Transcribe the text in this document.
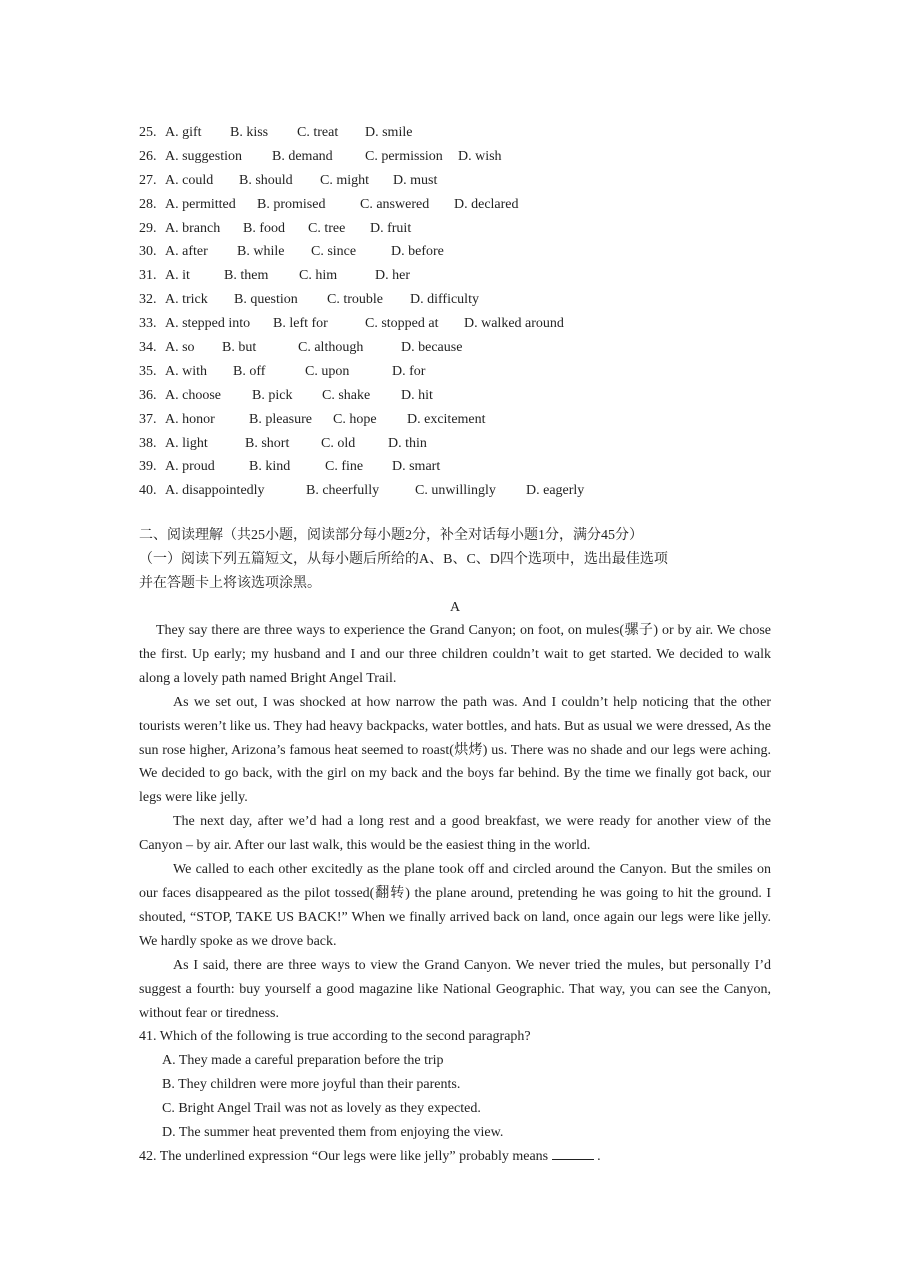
25. A. gift B. kiss C. treat D. smile
26. A. suggestion B. demand C. permission D. wish
27. A. could B. should C. might D. must
28. A. permitted B. promised C. answered D. declared
29. A. branch B. food C. tree D. fruit
30. A. after B. while C. since D. before
31. A. it B. them C. him	D. her
32. A. trick B. question C. trouble D. difficulty
33. A. stepped into B. left for	C. stopped at D. walked around
34. A. so B. but	C. although	D. because
35. A. with B. off	C. upon	D. for
36. A. choose B. pick C. shake D. hit
37. A. honor B. pleasure C. hope D. excitement
38. A. light	B. short C. old D. thin
39. A. proud B. kind C. fine D. smart
40. A. disappointedly	B. cheerfully	C. unwillingly D. eagerly
二、阅读理解（共25小题，阅读部分每小题2分，补全对话每小题1分，满分45分）
（一）阅读下列五篇短文，从每小题后所给的A、B、C、D四个选项中，选出最佳选项
并在答题卡上将该选项涂黑。
A

They say there are three ways to experience the Grand Canyon; on foot, on mules(骡子) or by air. We chose the first. Up early; my husband and I and our three children couldn’t wait to get started. We decided to walk along a lovely path named Bright Angel Trail.

As we set out, I was shocked at how narrow the path was. And I couldn’t help noticing that the other tourists weren’t like us. They had heavy backpacks, water bottles, and hats. But as usual we were dressed, As the sun rose higher, Arizona’s famous heat seemed to roast(烘烤) us. There was no shade and our legs were aching. We decided to go back, with the girl on my back and the boys far behind. By the time we finally got back, our legs were like jelly.

The next day, after we’d had a long rest and a good breakfast, we were ready for another view of the Canyon – by air. After our last walk, this would be the easiest thing in the world.

We called to each other excitedly as the plane took off and circled around the Canyon. But the smiles on our faces disappeared as the pilot tossed(翻转) the plane around, pretending he was going to hit the ground. I shouted, “STOP, TAKE US BACK!” When we finally arrived back on land, once again our legs were like jelly. We hardly spoke as we drove back.

As I said, there are three ways to view the Grand Canyon. We never tried the mules, but personally I’d suggest a fourth: buy yourself a good magazine like National Geographic. That way, you can see the Canyon, without fear or tiredness.

41. Which of the following is true according to the second paragraph?
A. They made a careful preparation before the trip
B. They children were more joyful than their parents.
C. Bright Angel Trail was not as lovely as they expected.
D. The summer heat prevented them from enjoying the view.
42. The underlined expression “Our legs were like jelly” probably means	.
